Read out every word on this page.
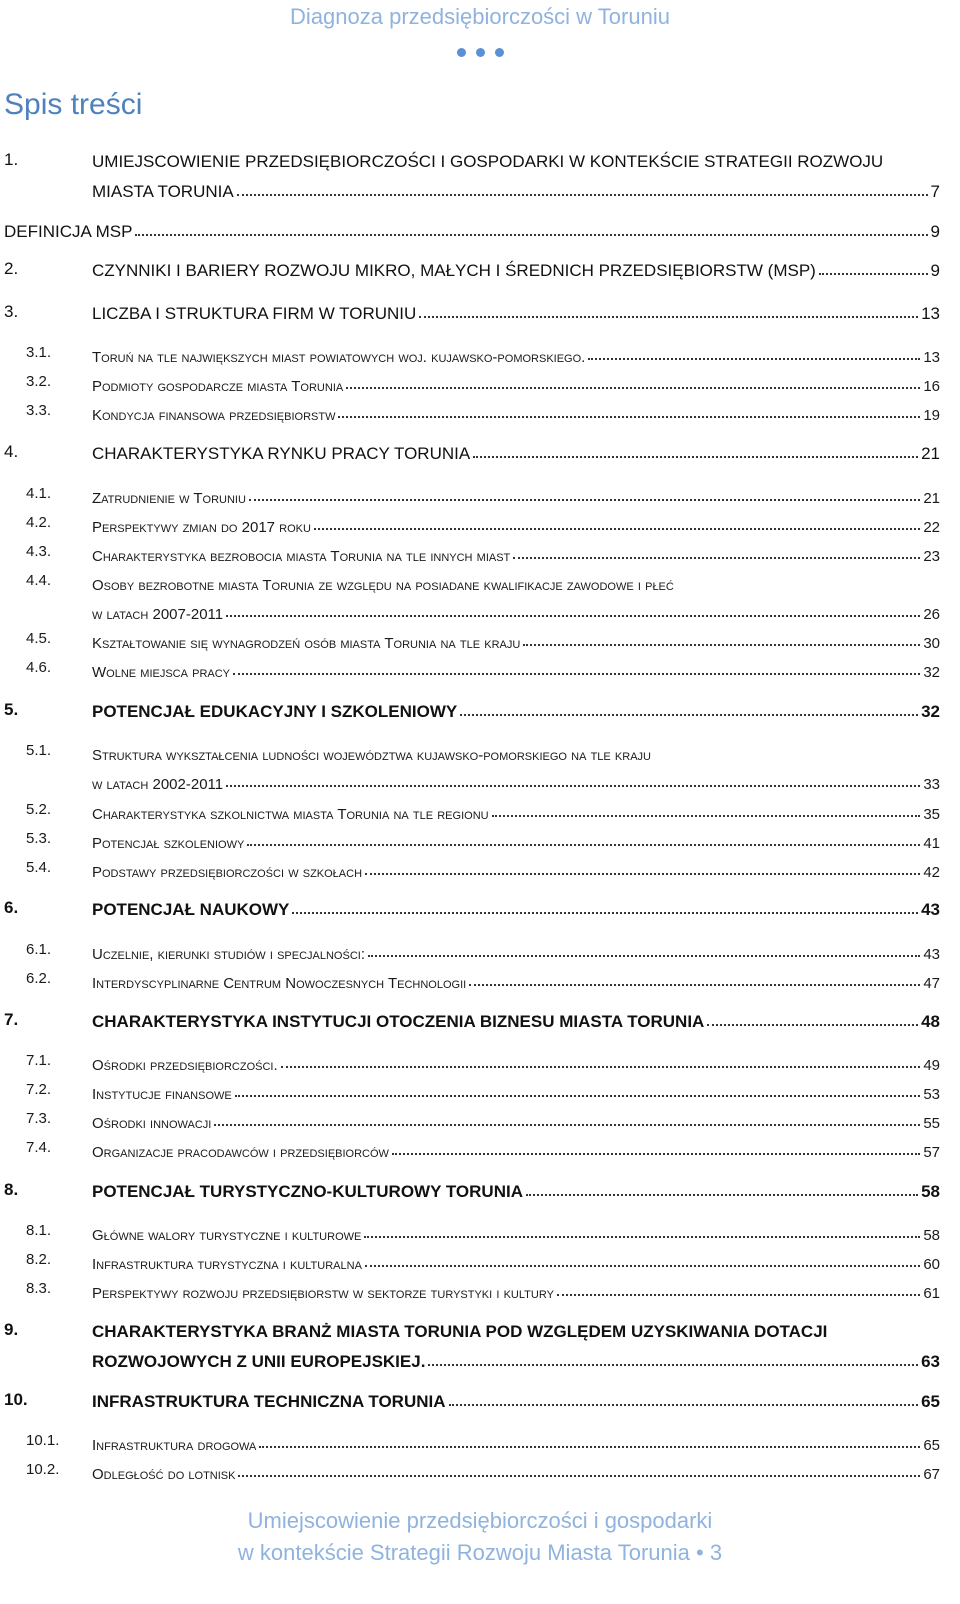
Diagnoza przedsiębiorczości w Toruniu
Spis treści
1.	UMIEJSCOWIENIE PRZEDSIĘBIORCZOŚCI I GOSPODARKI W KONTEKŚCIE STRATEGII ROZWOJU
MIASTA TORUNIA	7
DEFINICJA MSP	9
2.	CZYNNIKI I BARIERY ROZWOJU MIKRO, MAŁYCH I ŚREDNICH PRZEDSIĘBIORSTW (MSP)	9
3.	LICZBA I STRUKTURA FIRM W TORUNIU	13
3.1.	Toruń na tle największych miast powiatowych woj. kujawsko-pomorskiego.	13
3.2.	Podmioty gospodarcze miasta Torunia	16
3.3.	Kondycja finansowa przedsiębiorstw	19
4.	CHARAKTERYSTYKA RYNKU PRACY TORUNIA	21
4.1.	Zatrudnienie w Toruniu	21
4.2.	Perspektywy zmian do 2017 roku	22
4.3.	Charakterystyka bezrobocia miasta Torunia na tle innych miast	23
4.4.	Osoby bezrobotne miasta Torunia ze względu na posiadane kwalifikacje zawodowe i płeć
w latach 2007-2011	26
4.5.	Kształtowanie się wynagrodzeń osób miasta Torunia na tle kraju	30
4.6.	Wolne miejsca pracy	32
5.	POTENCJAŁ EDUKACYJNY I SZKOLENIOWY	32
5.1.	Struktura wykształcenia ludności województwa kujawsko-pomorskiego na tle kraju
w latach 2002-2011	33
5.2.	Charakterystyka szkolnictwa miasta Torunia na tle regionu	35
5.3.	Potencjał szkoleniowy	41
5.4.	Podstawy przedsiębiorczości w szkołach	42
6.	POTENCJAŁ NAUKOWY	43
6.1.	Uczelnie, kierunki studiów i specjalności:	43
6.2.	Interdyscyplinarne Centrum Nowoczesnych Technologii	47
7.	CHARAKTERYSTYKA INSTYTUCJI OTOCZENIA BIZNESU MIASTA TORUNIA	48
7.1.	Ośrodki przedsiębiorczości.	49
7.2.	Instytucje finansowe	53
7.3.	Ośrodki innowacji	55
7.4.	Organizacje pracodawców i przedsiębiorców	57
8.	POTENCJAŁ TURYSTYCZNO-KULTUROWY TORUNIA	58
8.1.	Główne walory turystyczne i kulturowe	58
8.2.	Infrastruktura turystyczna i kulturalna	60
8.3.	Perspektywy rozwoju przedsiębiorstw w sektorze turystyki i kultury	61
9.	CHARAKTERYSTYKA BRANŻ MIASTA TORUNIA POD WZGLĘDEM UZYSKIWANIA DOTACJI
ROZWOJOWYCH Z UNII EUROPEJSKIEJ.	63
10.	INFRASTRUKTURA TECHNICZNA TORUNIA	65
10.1. Infrastruktura drogowa	65
10.2. Odległość do lotnisk	67
Umiejscowienie przedsiębiorczości i gospodarki
w kontekście Strategii Rozwoju Miasta Torunia • 3
